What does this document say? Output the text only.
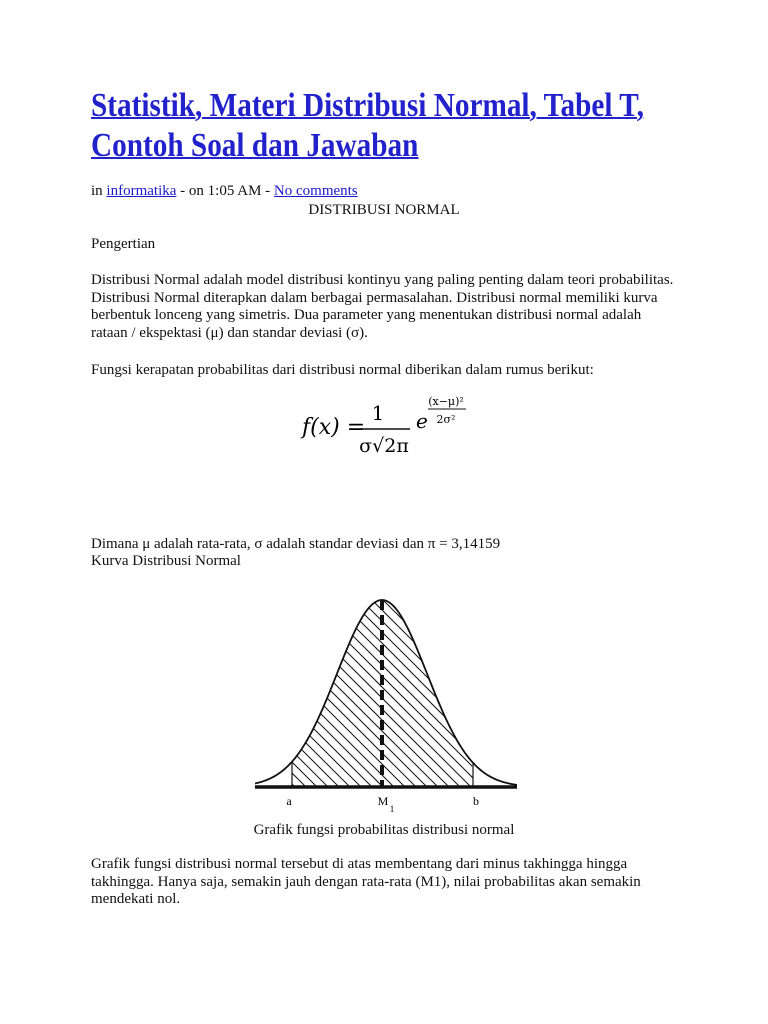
Statistik, Materi Distribusi Normal, Tabel T,
Contoh Soal dan Jawaban
in informatika - on 1:05 AM - No comments
DISTRIBUSI NORMAL
Pengertian
Distribusi Normal adalah model distribusi kontinyu yang paling penting dalam teori probabilitas. Distribusi Normal diterapkan dalam berbagai permasalahan. Distribusi normal memiliki kurva berbentuk lonceng yang simetris. Dua parameter yang menentukan distribusi normal adalah rataan / ekspektasi (μ) dan standar deviasi (σ).
Fungsi kerapatan probabilitas dari distribusi normal diberikan dalam rumus berikut:
f(x) =
1
σ√2π
e
(x−μ)²
2σ²
Dimana μ adalah rata-rata, σ adalah standar deviasi dan π = 3,14159
Kurva Distribusi Normal
a	M
1
b
Grafik fungsi probabilitas distribusi normal
Grafik fungsi distribusi normal tersebut di atas membentang dari minus takhingga hingga takhingga. Hanya saja, semakin jauh dengan rata-rata (M1), nilai probabilitas akan semakin mendekati nol.
